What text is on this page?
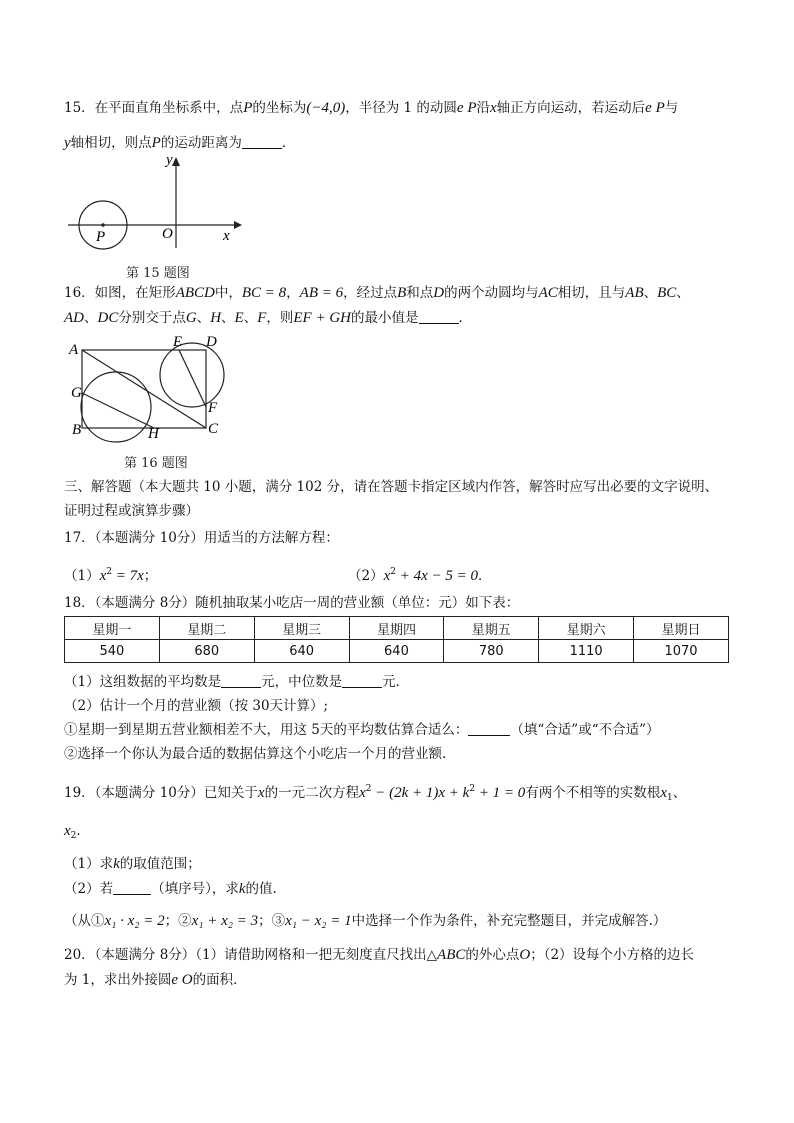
15．在平面直角坐标系中，点P的坐标为(−4,0)，半径为 1 的动圆e P沿x轴正方向运动，若运动后e P与
y轴相切，则点P的运动距离为	．
y
x
O
P
第 15 题图
16．如图，在矩形ABCD中，BC = 8，AB = 6，经过点B和点D的两个动圆均与AC相切，且与AB、BC、
AD、DC分别交于点G、H、E、F，则EF + GH的最小值是	．
A
B	C
D
E
F
G
H
第 16 题图
三、解答题（本大题共 10 小题，满分 102 分，请在答题卡指定区域内作答，解答时应写出必要的文字说明、
证明过程或演算步骤）
17．（本题满分 10分）用适当的方法解方程：
$(1)x^2 = 7x$；	$(2)x^2 + 4x - 5 = 0$．
18．（本题满分 8分）随机抽取某小吃店一周的营业额（单位：元）如下表：
星期一	星期二	星期三	星期四	星期五	星期六	星期日
540	680	640	640	780	1110	1070
（1）这组数据的平均数是	元，中位数是	元．
（2）估计一个月的营业额（按 30天计算）;
①星期一到星期五营业额相差不大，用这 5天的平均数估算合适么：	（填“合适”或“不合适”）
②选择一个你认为最合适的数据估算这个小吃店一个月的营业额.
19．（本题满分 10分）已知关于x的一元二次方程$x^2 - (2k + 1)x + k^2 + 1 = 0$有两个不相等的实数根$x_1$、
$x_2$．
（1）求k的取值范围；
（2）若	（填序号），求k的值.
（从①x₁ · x₂ = 2；②x₁ + x₂ = 3；③x₁ − x₂ = 1中选择一个作为条件，补充完整题目，并完成解答.）
20．（本题满分 8分）（1）请借助网格和一把无刻度直尺找出△ABC的外心点O；（2）设每个小方格的边长
为 1，求出外接圆e O的面积．
